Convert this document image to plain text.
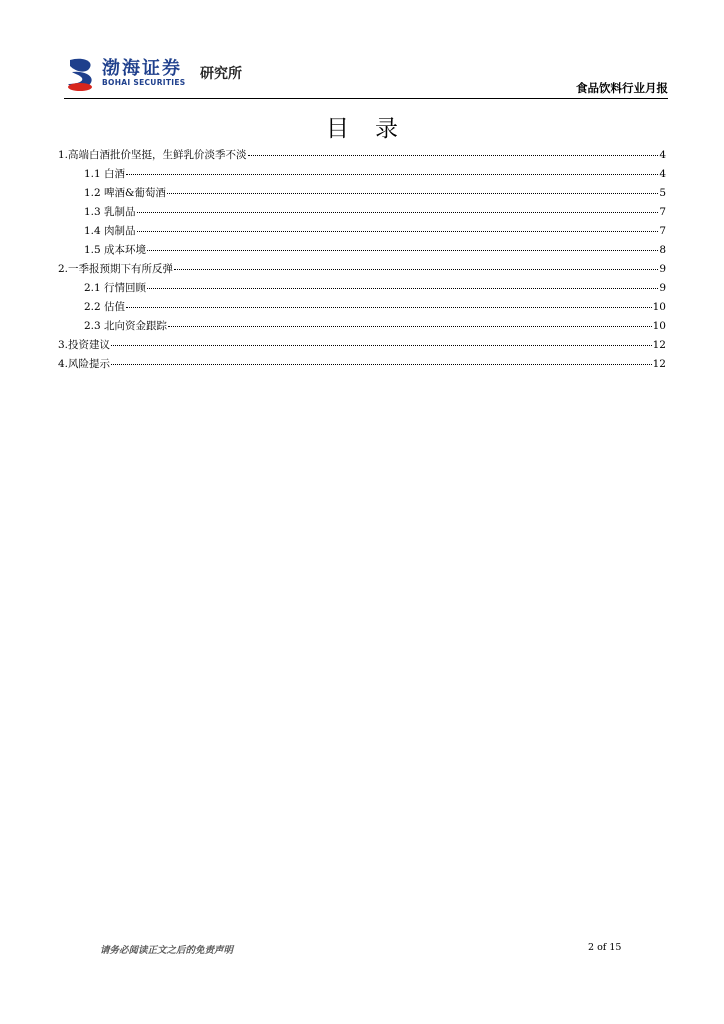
渤海证券
BOHAI SECURITIES
研究所
食品饮料行业月报
目录
1.高端白酒批价坚挺，生鲜乳价淡季不淡	4
1.1 白酒	4
1.2 啤酒&葡萄酒	5
1.3 乳制品	7
1.4 肉制品	7
1.5 成本环境	8
2.一季报预期下有所反弹	9
2.1 行情回顾	9
2.2 估值	10
2.3 北向资金跟踪	10
3.投资建议	12
4.风险提示	12
请务必阅读正文之后的免责声明	2 of 15
